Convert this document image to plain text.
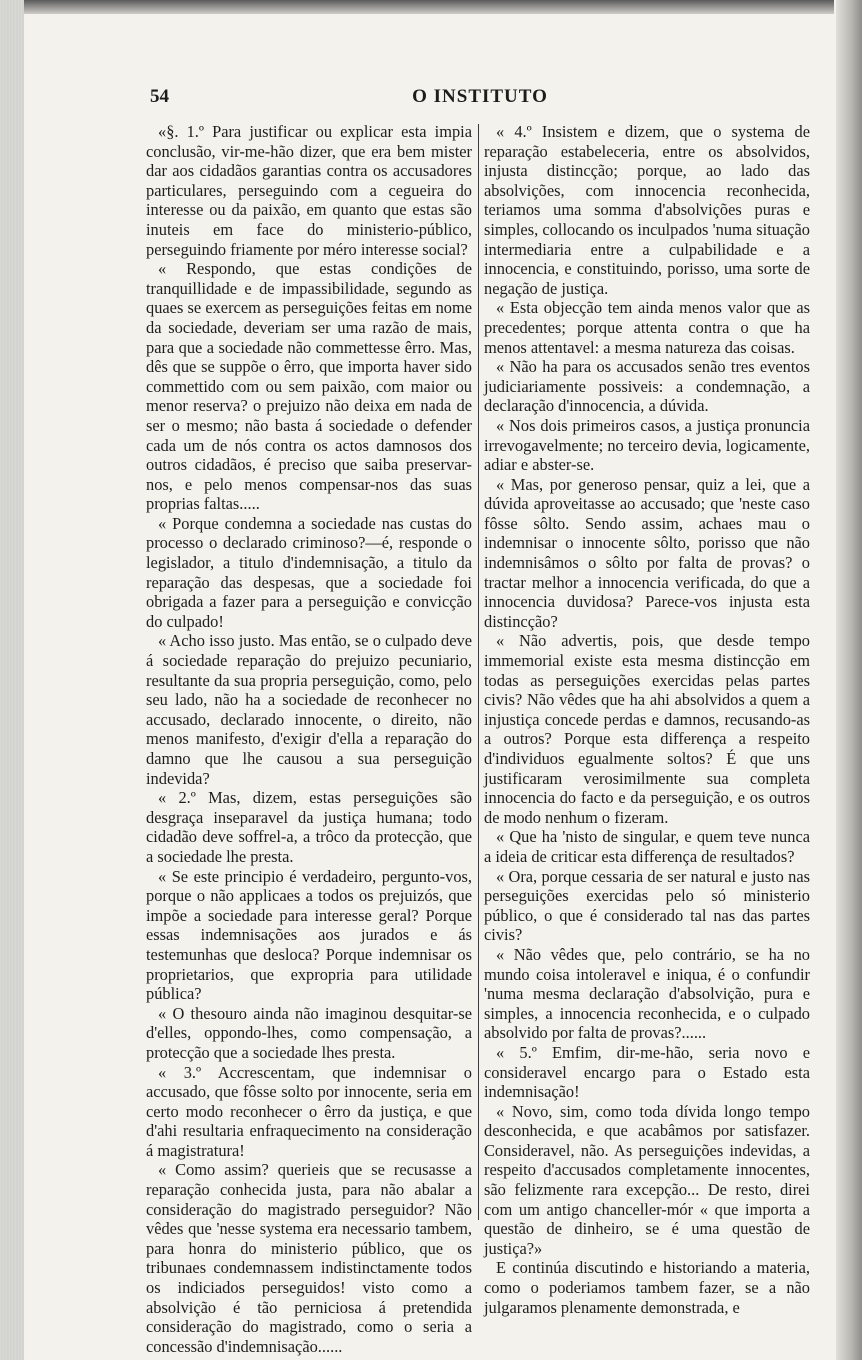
54	O INSTITUTO

«§. 1.º Para justificar ou explicar esta impia conclusão, vir-me-hão dizer, que era bem mister dar aos cidadãos garantias contra os accusadores particulares, perseguindo com a cegueira do interesse ou da paixão, em quanto que estas são inuteis em face do ministerio-público, perseguindo friamente por méro interesse social?

« Respondo, que estas condições de tranquillidade e de impassibilidade, segundo as quaes se exercem as perseguições feitas em nome da sociedade, deveriam ser uma razão de mais, para que a sociedade não commettesse êrro. Mas, dês que se suppõe o êrro, que importa haver sido commettido com ou sem paixão, com maior ou menor reserva? o prejuizo não deixa em nada de ser o mesmo; não basta á sociedade o defender cada um de nós contra os actos damnosos dos outros cidadãos, é preciso que saiba preservar-nos, e pelo menos compensar-nos das suas proprias faltas.....

« Porque condemna a sociedade nas custas do processo o declarado criminoso?—é, responde o legislador, a titulo d'indemnisação, a titulo da reparação das despesas, que a sociedade foi obrigada a fazer para a perseguição e convicção do culpado!

« Acho isso justo. Mas então, se o culpado deve á sociedade reparação do prejuizo pecuniario, resultante da sua propria perseguição, como, pelo seu lado, não ha a sociedade de reconhecer no accusado, declarado innocente, o direito, não menos manifesto, d'exigir d'ella a reparação do damno que lhe causou a sua perseguição indevida?

« 2.º Mas, dizem, estas perseguições são desgraça inseparavel da justiça humana; todo cidadão deve soffrel-a, a trôco da protecção, que a sociedade lhe presta.

« Se este principio é verdadeiro, pergunto-vos, porque o não applicaes a todos os prejuizós, que impõe a sociedade para interesse geral? Porque essas indemnisações aos jurados e ás testemunhas que desloca? Porque indemnisar os proprietarios, que expropria para utilidade pública?

« O thesouro ainda não imaginou desquitar-se d'elles, oppondo-lhes, como compensação, a protecção que a sociedade lhes presta.

« 3.º Accrescentam, que indemnisar o accusado, que fôsse solto por innocente, seria em certo modo reconhecer o êrro da justiça, e que d'ahi resultaria enfraquecimento na consideração á magistratura!

« Como assim? querieis que se recusasse a reparação conhecida justa, para não abalar a consideração do magistrado perseguidor? Não vêdes que 'nesse systema era necessario tambem, para honra do ministerio público, que os tribunaes condemnassem indistinctamente todos os indiciados perseguidos! visto como a absolvição é tão perniciosa á pretendida consideração do magistrado, como o seria a concessão d'indemnisação......

« 4.º Insistem e dizem, que o systema de reparação estabeleceria, entre os absolvidos, injusta distincção; porque, ao lado das absolvições, com innocencia reconhecida, teriamos uma somma d'absolvições puras e simples, collocando os inculpados 'numa situação intermediaria entre a culpabilidade e a innocencia, e constituindo, porisso, uma sorte de negação de justiça.

« Esta objecção tem ainda menos valor que as precedentes; porque attenta contra o que ha menos attentavel: a mesma natureza das coisas.

« Não ha para os accusados senão tres eventos judiciariamente possiveis: a condemnação, a declaração d'innocencia, a dúvida.

« Nos dois primeiros casos, a justiça pronuncia irrevogavelmente; no terceiro devia, logicamente, adiar e abster-se.

« Mas, por generoso pensar, quiz a lei, que a dúvida aproveitasse ao accusado; que 'neste caso fôsse sôlto. Sendo assim, achaes mau o indemnisar o innocente sôlto, porisso que não indemnisâmos o sôlto por falta de provas? o tractar melhor a innocencia verificada, do que a innocencia duvidosa? Parece-vos injusta esta distincção?

« Não advertis, pois, que desde tempo immemorial existe esta mesma distincção em todas as perseguições exercidas pelas partes civis? Não vêdes que ha ahi absolvidos a quem a injustiça concede perdas e damnos, recusando-as a outros? Porque esta differença a respeito d'individuos egualmente soltos? É que uns justificaram verosimilmente sua completa innocencia do facto e da perseguição, e os outros de modo nenhum o fizeram.

« Que ha 'nisto de singular, e quem teve nunca a ideia de criticar esta differença de resultados?

« Ora, porque cessaria de ser natural e justo nas perseguições exercidas pelo só ministerio público, o que é considerado tal nas das partes civis?

« Não vêdes que, pelo contrário, se ha no mundo coisa intoleravel e iniqua, é o confundir 'numa mesma declaração d'absolvição, pura e simples, a innocencia reconhecida, e o culpado absolvido por falta de provas?......

« 5.º Emfim, dir-me-hão, seria novo e consideravel encargo para o Estado esta indemnisação!

« Novo, sim, como toda dívida longo tempo desconhecida, e que acabâmos por satisfazer. Consideravel, não. As perseguições indevidas, a respeito d'accusados completamente innocentes, são felizmente rara excepção... De resto, direi com um antigo chanceller-mór « que importa a questão de dinheiro, se é uma questão de justiça?»

E continúa discutindo e historiando a materia, como o poderiamos tambem fazer, se a não julgaramos plenamente demonstrada, e
